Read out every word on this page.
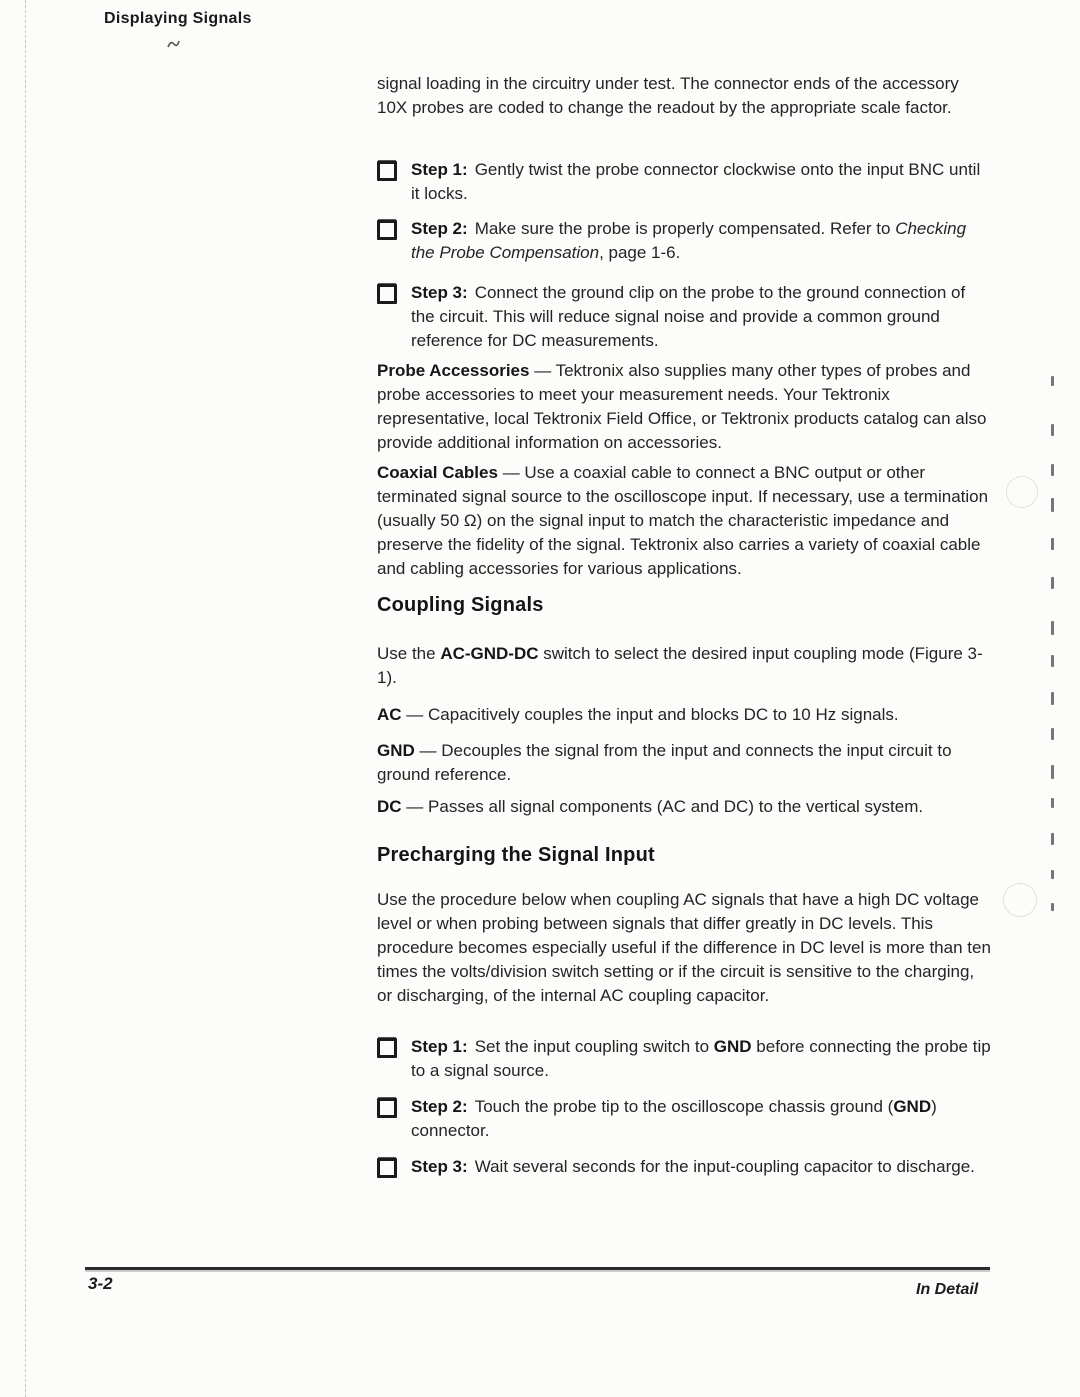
Displaying Signals

signal loading in the circuitry under test. The connector ends of the accessory 10X probes are coded to change the readout by the appropriate scale factor.

Step 1: Gently twist the probe connector clockwise onto the input BNC until it locks.

Step 2: Make sure the probe is properly compensated. Refer to Checking the Probe Compensation, page 1-6.

Step 3: Connect the ground clip on the probe to the ground connection of the circuit. This will reduce signal noise and provide a common ground reference for DC measurements.

Probe Accessories — Tektronix also supplies many other types of probes and probe accessories to meet your measurement needs. Your Tektronix representative, local Tektronix Field Office, or Tektronix products catalog can also provide additional information on accessories.

Coaxial Cables — Use a coaxial cable to connect a BNC output or other terminated signal source to the oscilloscope input. If necessary, use a termination (usually 50 Ω) on the signal input to match the characteristic impedance and preserve the fidelity of the signal. Tektronix also carries a variety of coaxial cable and cabling accessories for various applications.

Coupling Signals

Use the AC-GND-DC switch to select the desired input coupling mode (Figure 3-1).

AC — Capacitively couples the input and blocks DC to 10 Hz signals.

GND — Decouples the signal from the input and connects the input circuit to ground reference.

DC — Passes all signal components (AC and DC) to the vertical system.

Precharging the Signal Input

Use the procedure below when coupling AC signals that have a high DC voltage level or when probing between signals that differ greatly in DC levels. This procedure becomes especially useful if the difference in DC level is more than ten times the volts/division switch setting or if the circuit is sensitive to the charging, or discharging, of the internal AC coupling capacitor.

Step 1: Set the input coupling switch to GND before connecting the probe tip to a signal source.

Step 2: Touch the probe tip to the oscilloscope chassis ground (GND) connector.

Step 3: Wait several seconds for the input-coupling capacitor to discharge.

3-2	In Detail
